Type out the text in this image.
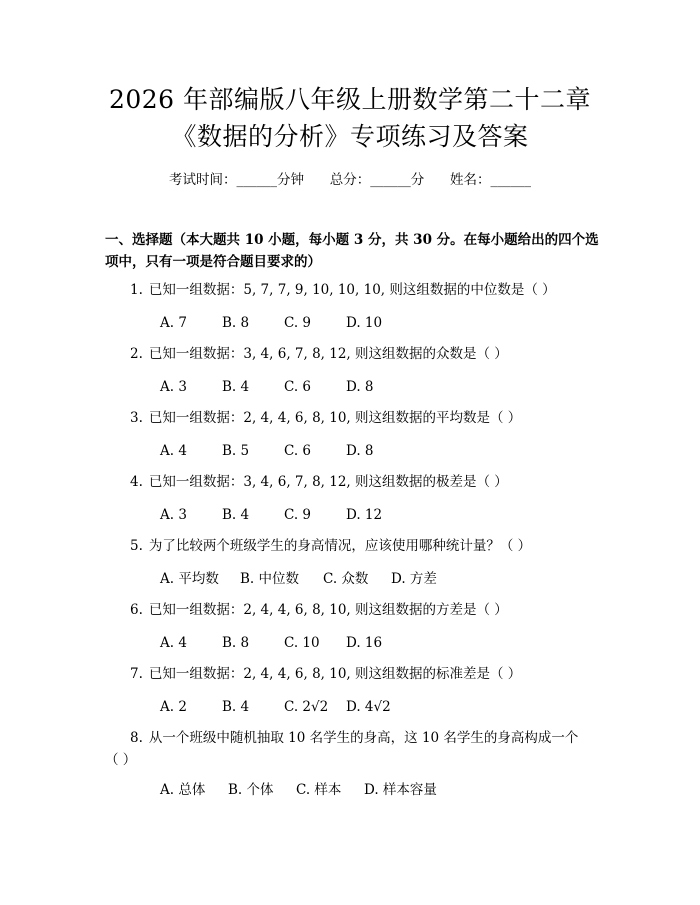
2026 年部编版八年级上册数学第二十二章
《数据的分析》专项练习及答案
考试时间：______分钟      总分：______分      姓名：______

一、选择题（本大题共 10 小题，每小题 3 分，共 30 分。在每小题给出的四个选项中，只有一项是符合题目要求的）

1. 已知一组数据：5, 7, 7, 9, 10, 10, 10, 则这组数据的中位数是（ ）

A. 7	B. 8	C. 9	D. 10

2. 已知一组数据：3, 4, 6, 7, 8, 12, 则这组数据的众数是（ ）

A. 3	B. 4	C. 6	D. 8

3. 已知一组数据：2, 4, 4, 6, 8, 10, 则这组数据的平均数是（ ）

A. 4	B. 5	C. 6	D. 8

4. 已知一组数据：3, 4, 6, 7, 8, 12, 则这组数据的极差是（ ）

A. 3	B. 4	C. 9	D. 12

5. 为了比较两个班级学生的身高情况，应该使用哪种统计量？（ ）

A. 平均数 B. 中位数 C. 众数 D. 方差

6. 已知一组数据：2, 4, 4, 6, 8, 10, 则这组数据的方差是（ ）

A. 4	B. 8	C. 10 D. 16

7. 已知一组数据：2, 4, 4, 6, 8, 10, 则这组数据的标准差是（ ）

A. 2	B. 4	C. 2√2 D. 4√2

8. 从一个班级中随机抽取 10 名学生的身高，这 10 名学生的身高构成一个（ ）

A. 总体 B. 个体 C. 样本 D. 样本容量
